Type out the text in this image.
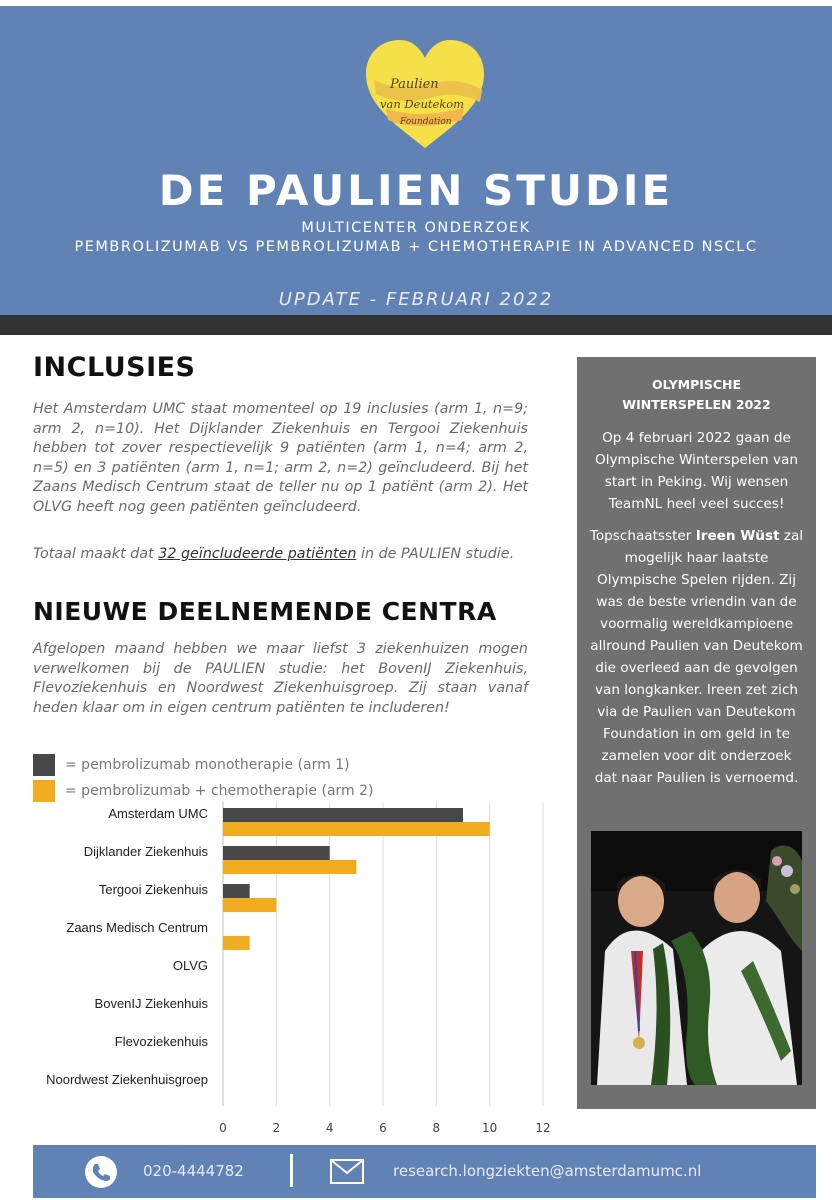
Paulien
van Deutekom
Foundation
DE PAULIEN STUDIE
MULTICENTER ONDERZOEK
PEMBROLIZUMAB VS PEMBROLIZUMAB + CHEMOTHERAPIE IN ADVANCED NSCLC
UPDATE - FEBRUARI 2022
INCLUSIES
Het Amsterdam UMC staat momenteel op 19 inclusies (arm 1, n=9; arm 2, n=10). Het Dijklander Ziekenhuis en Tergooi Ziekenhuis hebben tot zover respectievelijk 9 patiënten (arm 1, n=4; arm 2, n=5) en 3 patiënten (arm 1, n=1; arm 2, n=2) geïncludeerd. Bij het Zaans Medisch Centrum staat de teller nu op 1 patiënt (arm 2). Het OLVG heeft nog geen patiënten geïncludeerd.
Totaal maakt dat 32 geïncludeerde patiënten in de PAULIEN studie.
NIEUWE DEELNEMENDE CENTRA
Afgelopen maand hebben we maar liefst 3 ziekenhuizen mogen verwelkomen bij de PAULIEN studie: het BovenIJ Ziekenhuis, Flevoziekenhuis en Noordwest Ziekenhuisgroep. Zij staan vanaf heden klaar om in eigen centrum patiënten te includeren!
= pembrolizumab monotherapie (arm 1)
= pembrolizumab + chemotherapie (arm 2)
0	2	4	6	8	10	12
Amsterdam UMC
Dijklander Ziekenhuis
Tergooi Ziekenhuis
Zaans Medisch Centrum
OLVG
BovenIJ Ziekenhuis
Flevoziekenhuis
Noordwest Ziekenhuisgroep
OLYMPISCHE
WINTERSPELEN 2022
Op 4 februari 2022 gaan de Olympische Winterspelen van start in Peking. Wij wensen TeamNL heel veel succes!
Topschaatsster Ireen Wüst zal mogelijk haar laatste Olympische Spelen rijden. Zij was de beste vriendin van de voormalig wereldkampioene allround Paulien van Deutekom die overleed aan de gevolgen van longkanker. Ireen zet zich via de Paulien van Deutekom Foundation in om geld in te zamelen voor dit onderzoek dat naar Paulien is vernoemd.
020-4444782	research.longziekten@amsterdamumc.nl
